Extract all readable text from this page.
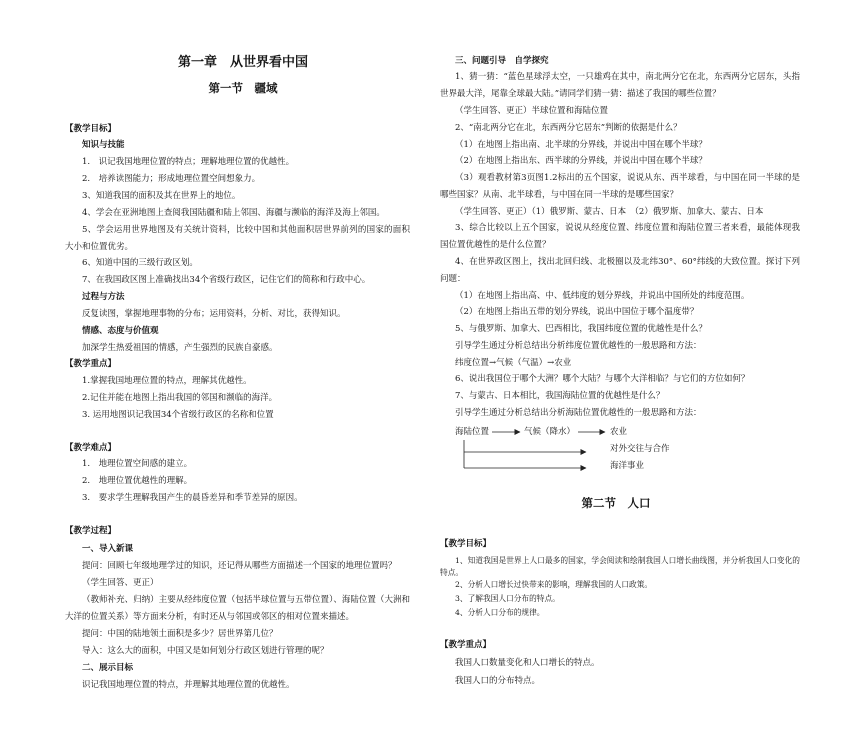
第一章　从世界看中国

第一节　疆域

【教学目标】

知识与技能

1.　识记我国地理位置的特点；理解地理位置的优越性。

2.　培养读图能力；形成地理位置空间想象力。

3、知道我国的面积及其在世界上的地位。

4、学会在亚洲地图上查阅我国陆疆和陆上邻国、海疆与濒临的海洋及海上邻国。

5、学会运用世界地图及有关统计资料，比较中国和其他面积居世界前列的国家的面积大小和位置优劣。

6、知道中国的三级行政区划。

7、在我国政区图上准确找出34个省级行政区，记住它们的简称和行政中心。

过程与方法

反复读图，掌握地理事物的分布；运用资料，分析、对比，获得知识。

情感、态度与价值观

加深学生热爱祖国的情感，产生强烈的民族自豪感。

【教学重点】

1.掌握我国地理位置的特点，理解其优越性。

2.记住并能在地图上指出我国的邻国和濒临的海洋。

3. 运用地图识记我国34个省级行政区的名称和位置

【教学难点】

1.　地理位置空间感的建立。

2.　地理位置优越性的理解。

3.　要求学生理解我国产生的晨昏差异和季节差异的原因。

【教学过程】

一、导入新课

提问：回顾七年级地理学过的知识，还记得从哪些方面描述一个国家的地理位置吗？

（学生回答、更正）

（教师补充、归纳）主要从经纬度位置（包括半球位置与五带位置）、海陆位置（大洲和大洋的位置关系）等方面来分析，有时还从与邻国或邻区的相对位置来描述。

提问：中国的陆地领土面积是多少？居世界第几位？

导入：这么大的面积，中国又是如何划分行政区划进行管理的呢？

二、展示目标

识记我国地理位置的特点，并理解其地理位置的优越性。

三、问题引导　自学探究

1、猜一猜：“蓝色星球浮太空，一只雄鸡在其中，南北两分它在北，东西两分它居东，头指世界最大洋，尾靠全球最大陆。”请同学们猜一猜：描述了我国的哪些位置？

（学生回答、更正）半球位置和海陆位置

2、“南北两分它在北，东西两分它居东”判断的依据是什么？

（1）在地图上指出南、北半球的分界线，并说出中国在哪个半球？

（2）在地图上指出东、西半球的分界线，并说出中国在哪个半球？

（3）观看教材第3页图1.2标出的五个国家，说说从东、西半球看，与中国在同一半球的是哪些国家？从南、北半球看，与中国在同一半球的是哪些国家？

（学生回答、更正）（1）俄罗斯、蒙古、日本　（2）俄罗斯、加拿大、蒙古、日本

3、综合比较以上五个国家，说说从经度位置、纬度位置和海陆位置三者来看，最能体现我国位置优越性的是什么位置？

4、在世界政区图上，找出北回归线、北极圈以及北纬30°、60°纬线的大致位置。探讨下列问题：

（1）在地图上指出高、中、低纬度的划分界线，并说出中国所处的纬度范围。

（2）在地图上指出五带的划分界线，说出中国位于哪个温度带？

5、与俄罗斯、加拿大、巴西相比，我国纬度位置的优越性是什么？

引导学生通过分析总结出分析纬度位置优越性的一般思路和方法：

纬度位置→气候（气温）→农业

6、说出我国位于哪个大洲？哪个大陆？与哪个大洋相临？与它们的方位如何？

7、与蒙古、日本相比，我国海陆位置的优越性是什么？

引导学生通过分析总结出分析海陆位置优越性的一般思路和方法：

海陆位置	气候（降水）	农业
对外交往与合作
海洋事业

第二节　人口

【教学目标】

1、知道我国是世界上人口最多的国家，学会阅读和绘制我国人口增长曲线图，并分析我国人口变化的特点。

2、分析人口增长过快带来的影响，理解我国的人口政策。

3、了解我国人口分布的特点。

4、分析人口分布的规律。

【教学重点】

我国人口数量变化和人口增长的特点。

我国人口的分布特点。
